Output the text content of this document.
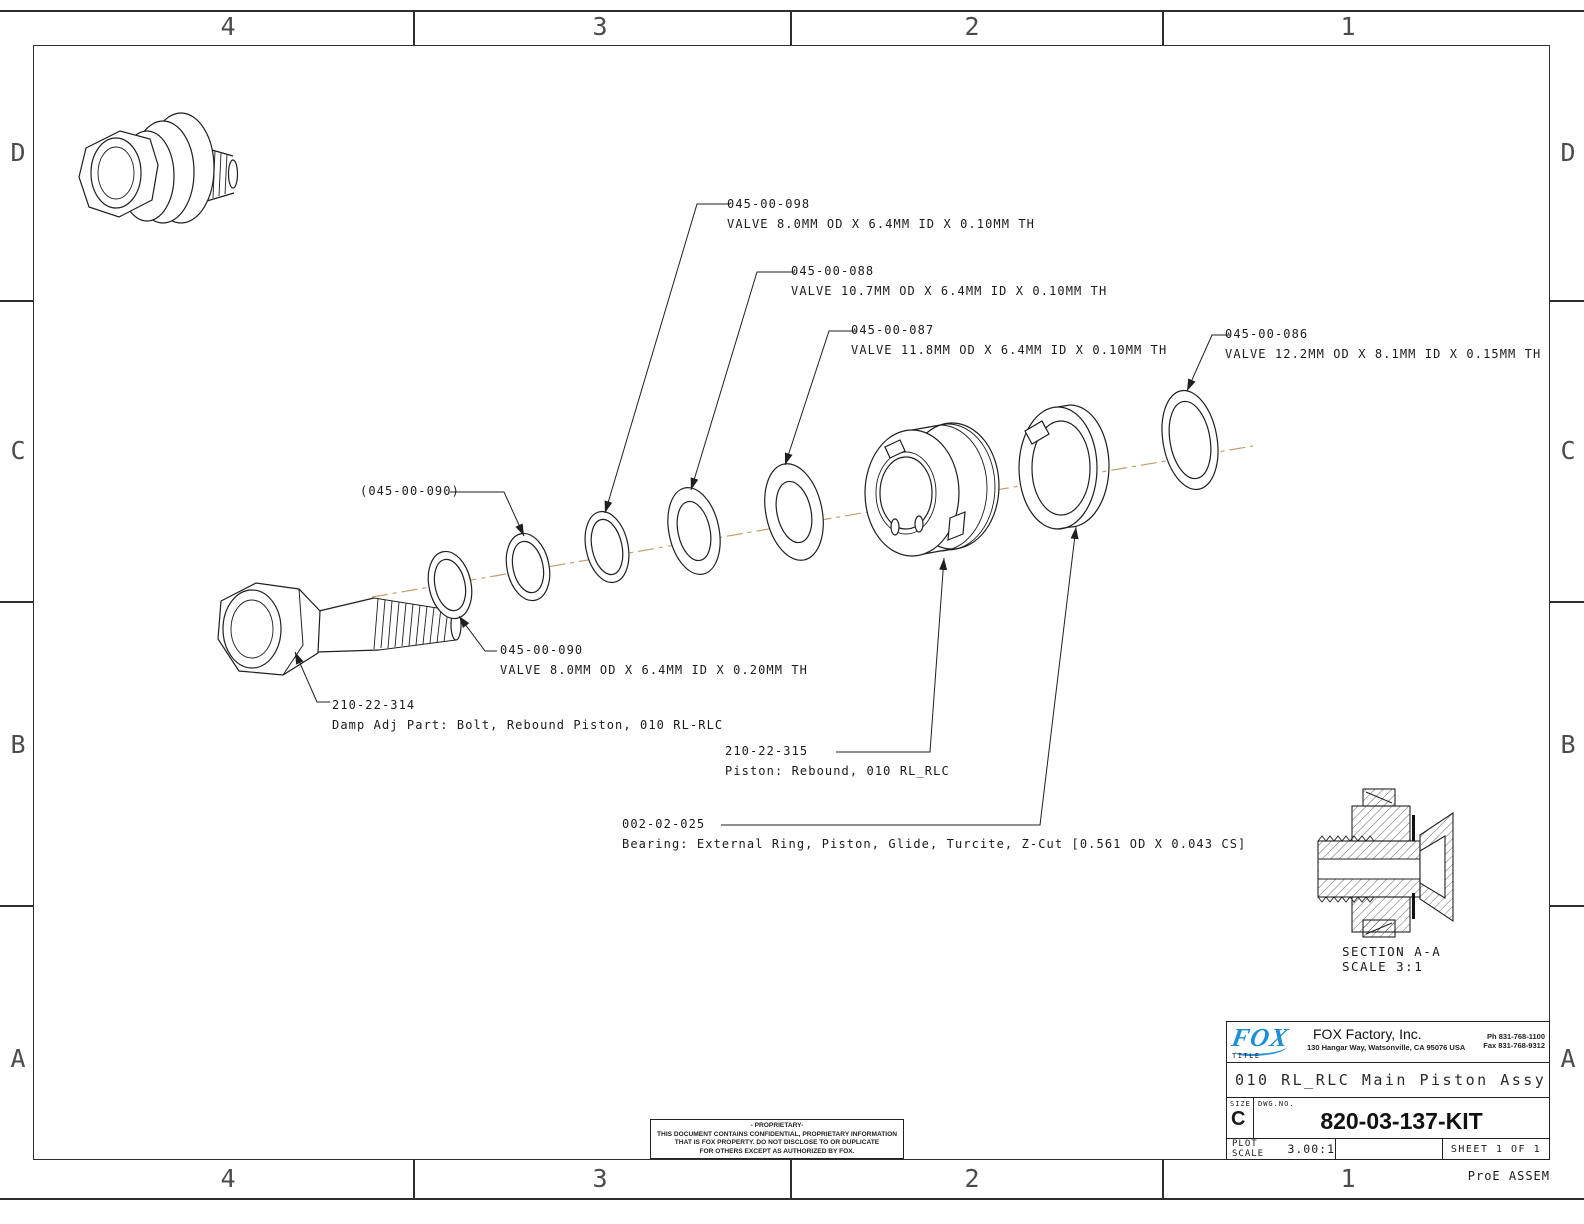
4	3	2	1
4	3	2	1
D
C
B
A
D
C
B
A
045-00-098
VALVE 8.0MM OD X 6.4MM ID X 0.10MM TH
045-00-088
VALVE 10.7MM OD X 6.4MM ID X 0.10MM TH
045-00-087
VALVE 11.8MM OD X 6.4MM ID X 0.10MM TH
045-00-086
VALVE 12.2MM OD X 8.1MM ID X 0.15MM TH
(045-00-090)
045-00-090
VALVE 8.0MM OD X 6.4MM ID X 0.20MM TH
210-22-314
Damp Adj Part: Bolt, Rebound Piston, 010 RL-RLC
210-22-315
Piston: Rebound, 010 RL_RLC
002-02-025
Bearing: External Ring, Piston, Glide, Turcite, Z-Cut [0.561 OD X 0.043 CS]
SECTION A-A
SCALE 3:1
- PROPRIETARY-
THIS DOCUMENT CONTAINS CONFIDENTIAL, PROPRIETARY INFORMATION
THAT IS FOX PROPERTY. DO NOT DISCLOSE TO OR DUPLICATE
FOR OTHERS EXCEPT AS AUTHORIZED BY FOX.
FOX
TITLE
FOX Factory, Inc.
130 Hangar Way, Watsonville, CA 95076 USA
Ph 831-768-1100
Fax 831-768-9312
010 RL_RLC Main Piston Assy
SIZE
C
DWG.NO.
820-03-137-KIT
PLOT SCALE	3.00:1	SHEET 1 OF 1
ProE ASSEM
